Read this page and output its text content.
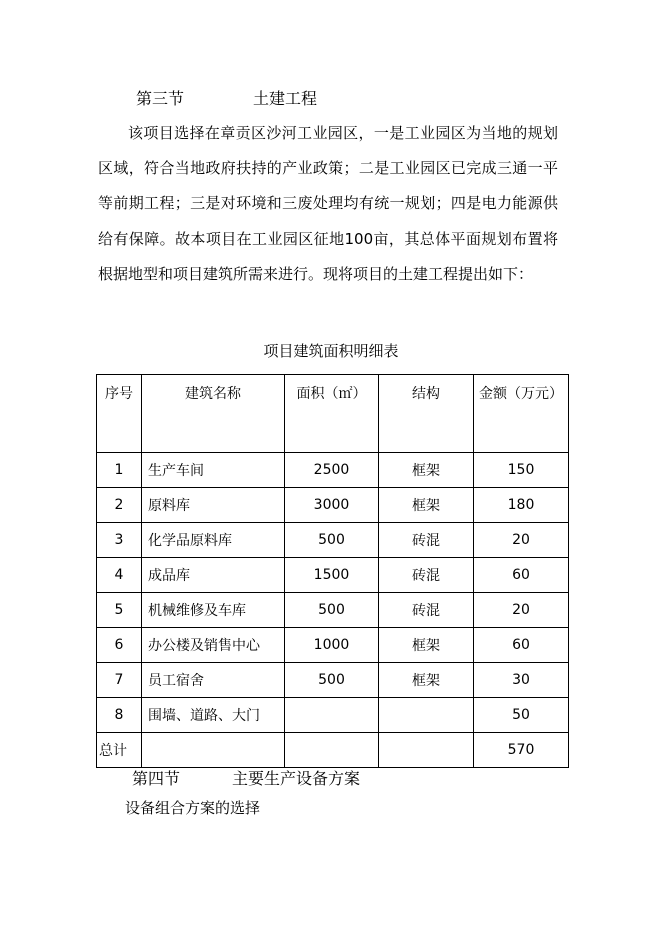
第三节	土建工程
该项目选择在章贡区沙河工业园区，一是工业园区为当地的规划区域，符合当地政府扶持的产业政策；二是工业园区已完成三通一平等前期工程；三是对环境和三废处理均有统一规划；四是电力能源供给有保障。故本项目在工业园区征地100亩，其总体平面规划布置将根据地型和项目建筑所需来进行。现将项目的土建工程提出如下：
项目建筑面积明细表
序号	建筑名称	面积（㎡）	结构	金额（万元）
1	生产车间	2500	框架	150
2	原料库	3000	框架	180
3	化学品原料库	500	砖混	20
4	成品库	1500	砖混	60
5	机械维修及车库	500	砖混	20
6	办公楼及销售中心	1000	框架	60
7	员工宿舍	500	框架	30
8	围墙、道路、大门			50
总计				570
第四节	主要生产设备方案
设备组合方案的选择
